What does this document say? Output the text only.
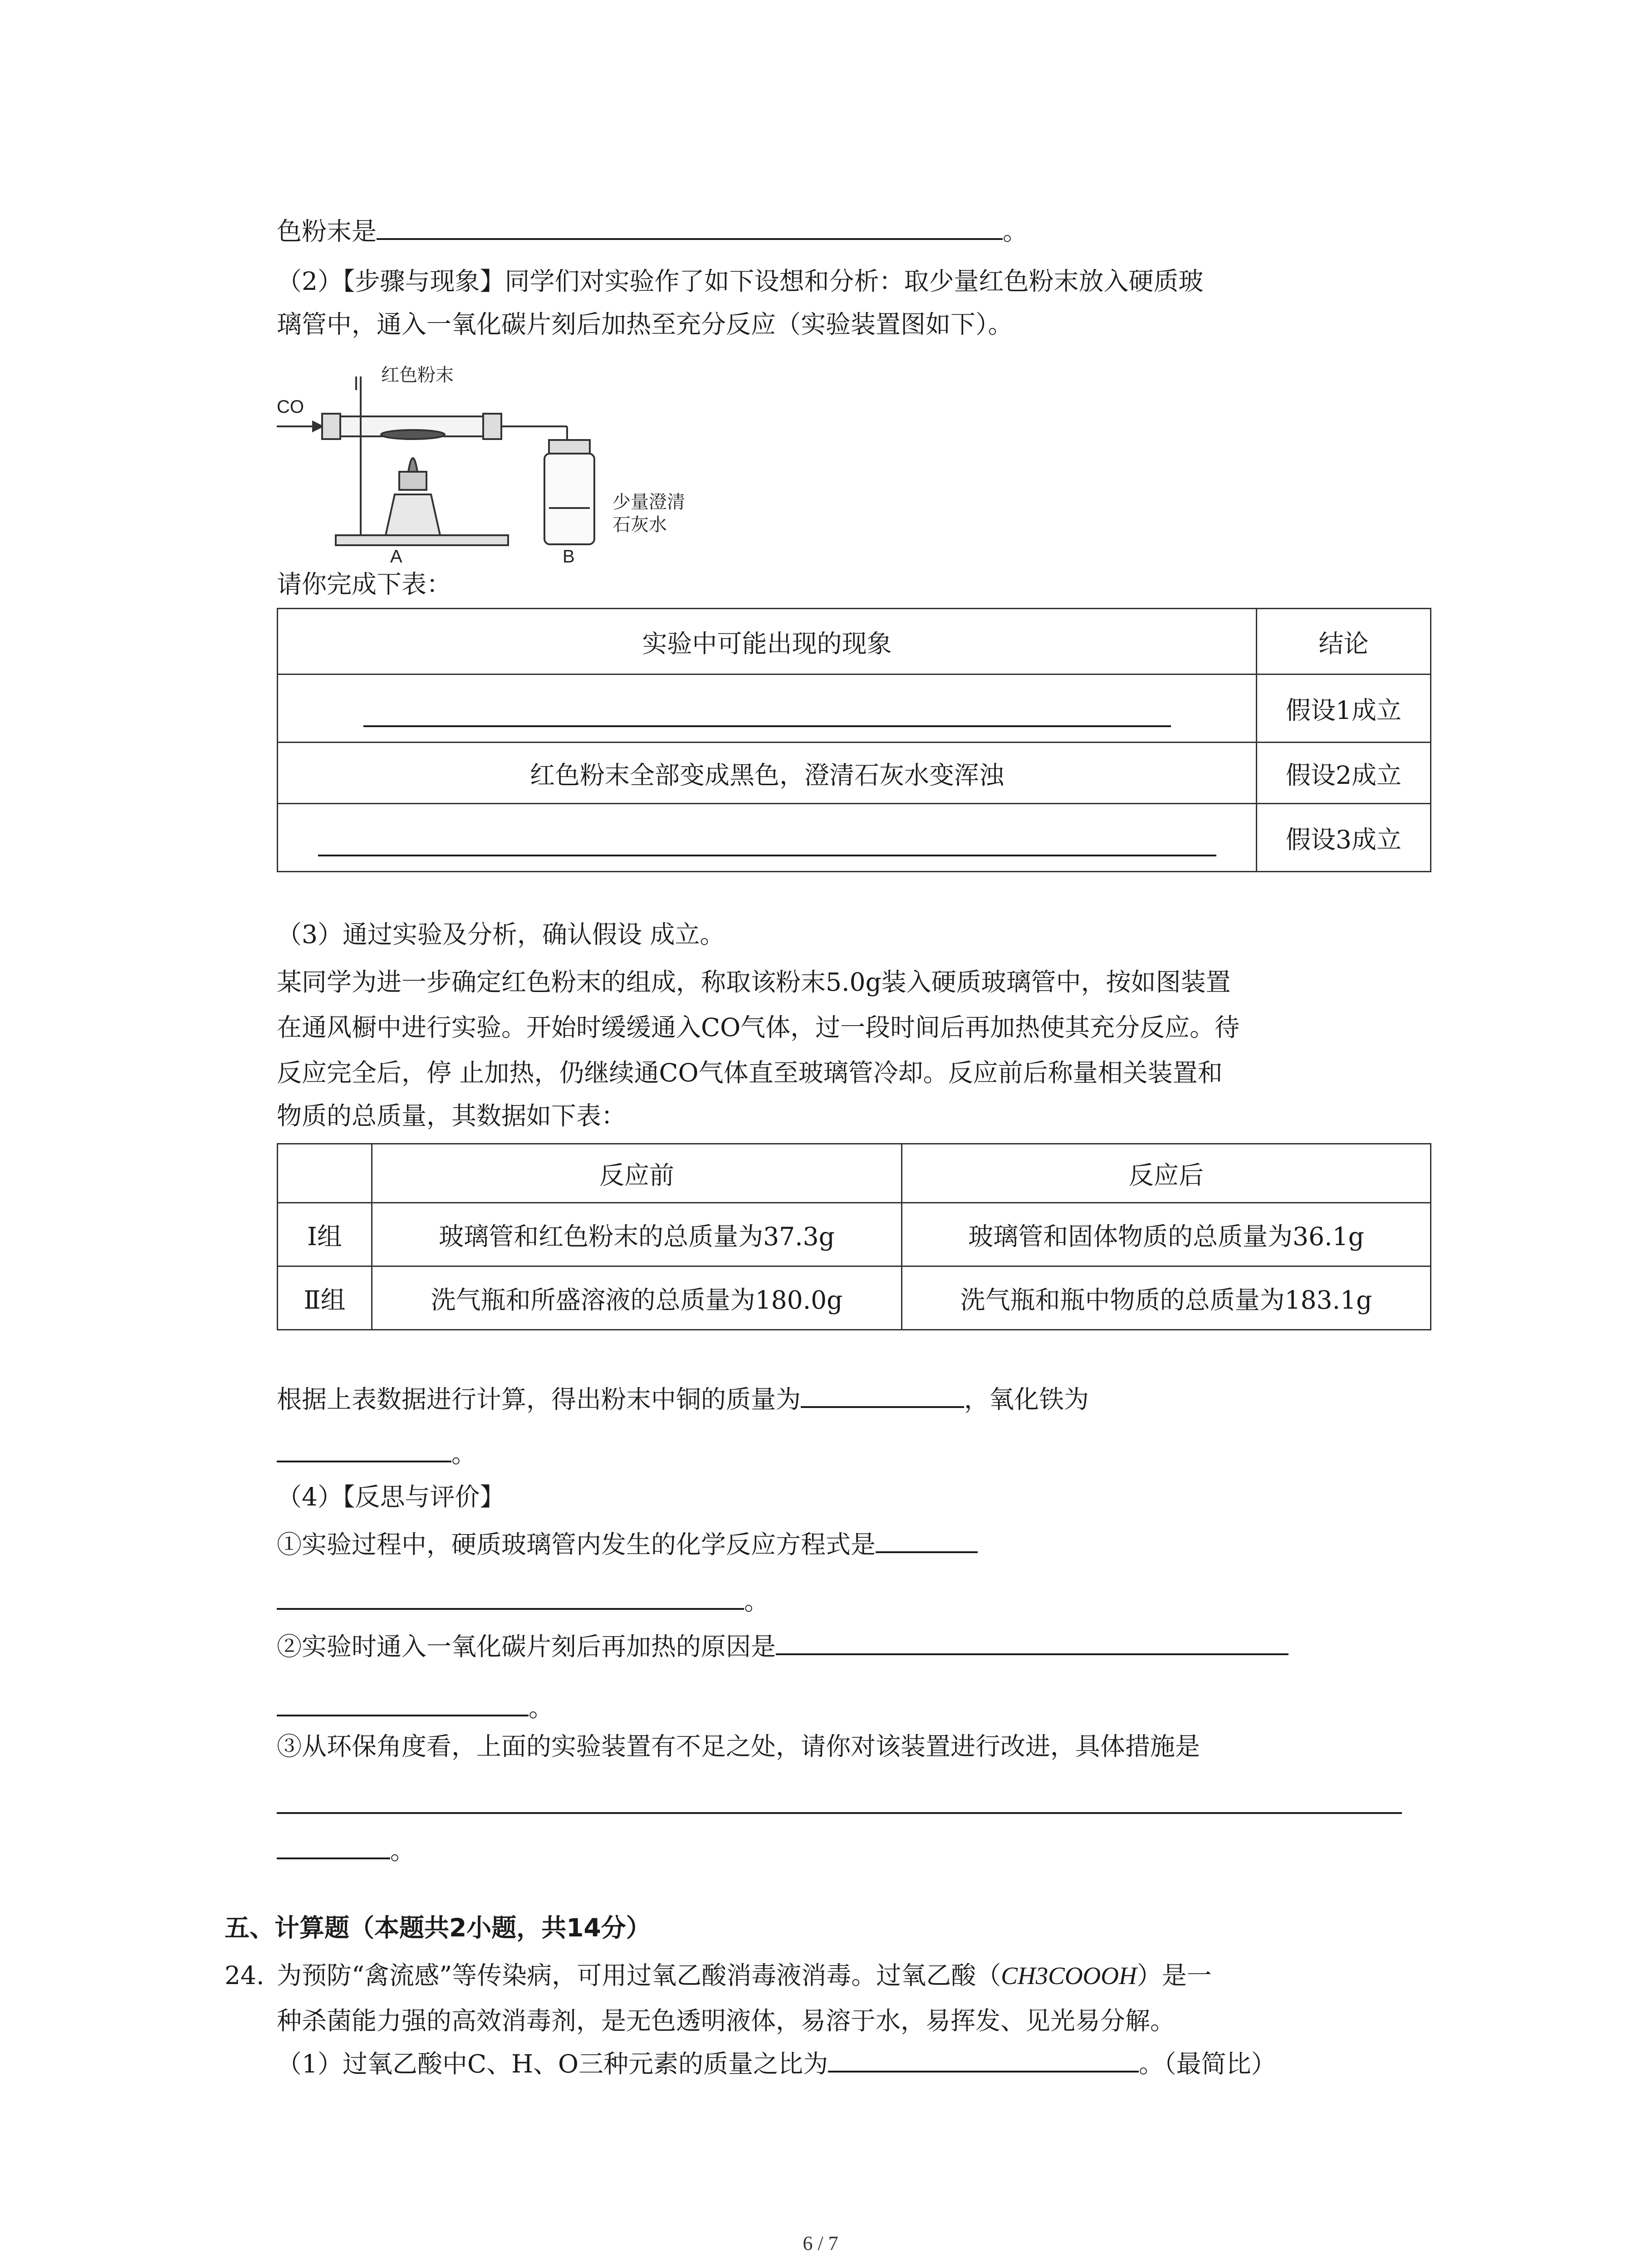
色粉末是	。
（2）【步骤与现象】同学们对实验作了如下设想和分析：取少量红色粉末放入硬质玻
璃管中，通入一氧化碳片刻后加热至充分反应（实验装置图如下）。
CO
红色粉末
A	B
少量澄清
石灰水
请你完成下表：
实验中可能出现的现象	结论
	假设1成立
红色粉末全部变成黑色，澄清石灰水变浑浊	假设2成立
	假设3成立
（3）通过实验及分析，确认假设 成立。
某同学为进一步确定红色粉末的组成，称取该粉末5.0g装入硬质玻璃管中，按如图装置
在通风橱中进行实验。开始时缓缓通入CO气体，过一段时间后再加热使其充分反应。待
反应完全后，停 止加热，仍继续通CO气体直至玻璃管冷却。反应前后称量相关装置和
物质的总质量，其数据如下表：
	反应前	反应后
Ⅰ组	玻璃管和红色粉末的总质量为37.3g	玻璃管和固体物质的总质量为36.1g
Ⅱ组	洗气瓶和所盛溶液的总质量为180.0g	洗气瓶和瓶中物质的总质量为183.1g
根据上表数据进行计算，得出粉末中铜的质量为	，氧化铁为
。
（4）【反思与评价】
①实验过程中，硬质玻璃管内发生的化学反应方程式是
。
②实验时通入一氧化碳片刻后再加热的原因是
。
③从环保角度看，上面的实验装置有不足之处，请你对该装置进行改进，具体措施是
。
五、计算题（本题共2小题，共14分）
24. 为预防“禽流感”等传染病，可用过氧乙酸消毒液消毒。过氧乙酸（CH3COOOH）是一
种杀菌能力强的高效消毒剂，是无色透明液体，易溶于水，易挥发、见光易分解。
（1）过氧乙酸中C、H、O三种元素的质量之比为	。（最简比）
6 / 7
